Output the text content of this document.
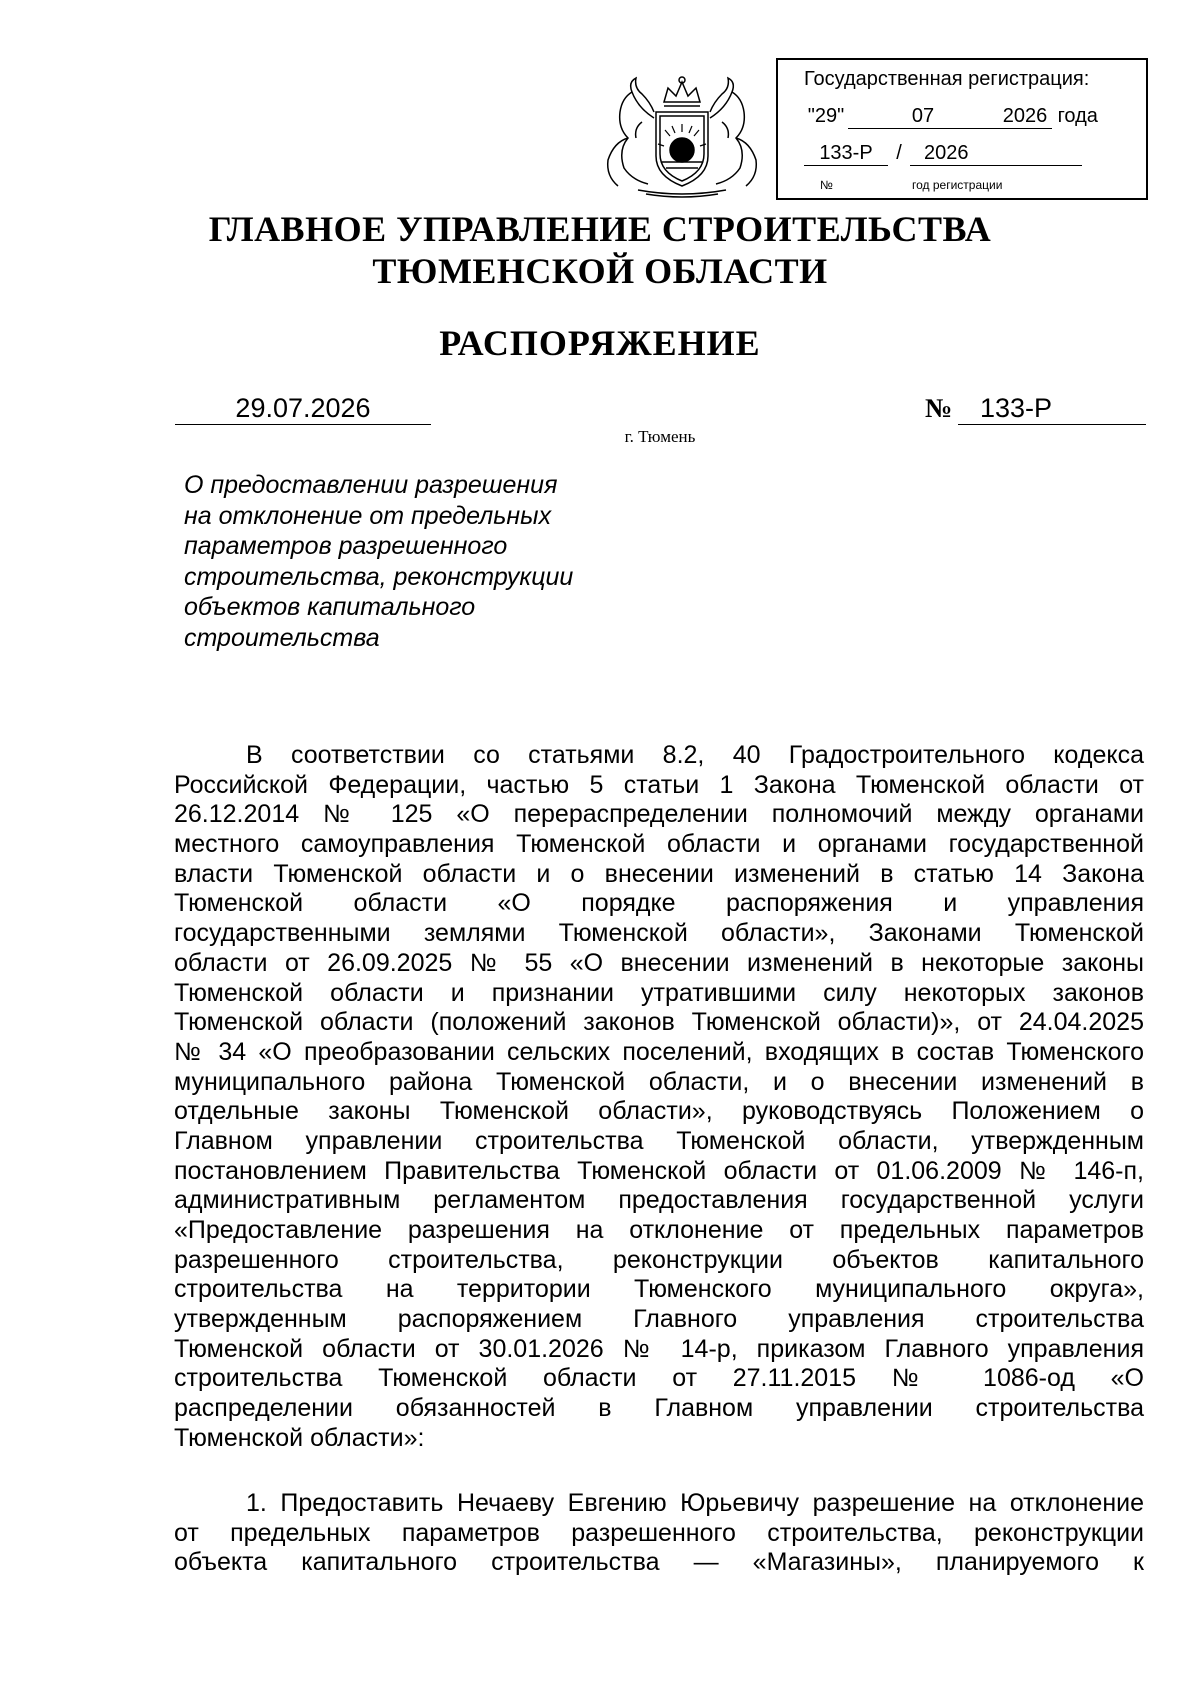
Государственная регистрация:
"29"	07	2026 года
133-Р / 2026
№	год регистрации
ГЛАВНОЕ УПРАВЛЕНИЕ СТРОИТЕЛЬСТВА
ТЮМЕНСКОЙ ОБЛАСТИ
РАСПОРЯЖЕНИЕ
29.07.2026	№	133-Р
г. Тюмень
О предоставлении разрешения
на отклонение от предельных
параметров разрешенного
строительства, реконструкции
объектов капитального
строительства
В соответствии со статьями 8.2, 40 Градостроительного кодекса
Российской Федерации, частью 5 статьи 1 Закона Тюменской области от
26.12.2014 № 125 «О перераспределении полномочий между органами
местного самоуправления Тюменской области и органами государственной
власти Тюменской области и о внесении изменений в статью 14 Закона
Тюменской области «О порядке распоряжения и управления
государственными землями Тюменской области», Законами Тюменской
области от 26.09.2025 № 55 «О внесении изменений в некоторые законы
Тюменской области и признании утратившими силу некоторых законов
Тюменской области (положений законов Тюменской области)», от 24.04.2025
№ 34 «О преобразовании сельских поселений, входящих в состав Тюменского
муниципального района Тюменской области, и о внесении изменений в
отдельные законы Тюменской области», руководствуясь Положением о
Главном управлении строительства Тюменской области, утвержденным
постановлением Правительства Тюменской области от 01.06.2009 № 146-п,
административным регламентом предоставления государственной услуги
«Предоставление разрешения на отклонение от предельных параметров
разрешенного строительства, реконструкции объектов капитального
строительства на территории Тюменского муниципального округа»,
утвержденным распоряжением Главного управления строительства
Тюменской области от 30.01.2026 № 14-р, приказом Главного управления
строительства Тюменской области от 27.11.2015 № 1086-од «О
распределении обязанностей в Главном управлении строительства
Тюменской области»:
1. Предоставить Нечаеву Евгению Юрьевичу разрешение на отклонение
от предельных параметров разрешенного строительства, реконструкции
объекта капитального строительства — «Магазины», планируемого к
